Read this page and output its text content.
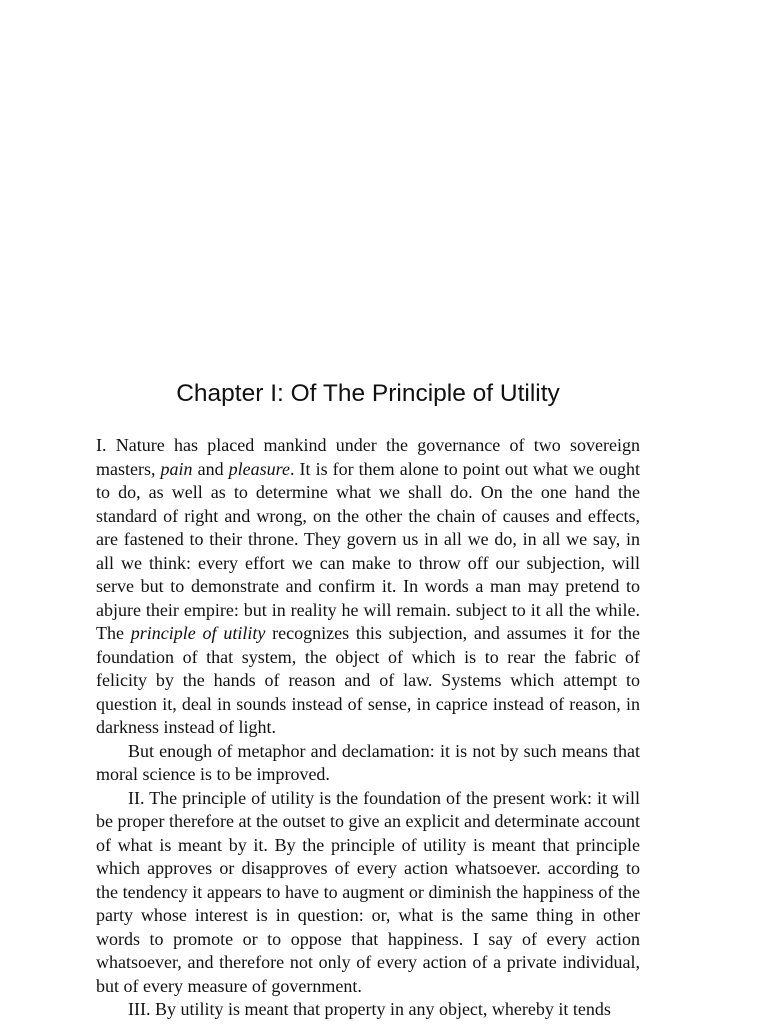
Chapter I: Of The Principle of Utility

I. Nature has placed mankind under the governance of two sovereign masters, pain and pleasure. It is for them alone to point out what we ought to do, as well as to determine what we shall do. On the one hand the standard of right and wrong, on the other the chain of causes and effects, are fastened to their throne. They govern us in all we do, in all we say, in all we think: every effort we can make to throw off our subjection, will serve but to demonstrate and confirm it. In words a man may pretend to abjure their empire: but in reality he will remain. subject to it all the while. The principle of utility recognizes this subjection, and assumes it for the foundation of that system, the object of which is to rear the fabric of felicity by the hands of reason and of law. Systems which attempt to question it, deal in sounds instead of sense, in caprice instead of reason, in darkness instead of light.

But enough of metaphor and declamation: it is not by such means that moral science is to be improved.

II. The principle of utility is the foundation of the present work: it will be proper therefore at the outset to give an explicit and determinate account of what is meant by it. By the principle of utility is meant that principle which approves or disapproves of every action whatsoever. according to the tendency it appears to have to augment or diminish the happiness of the party whose interest is in question: or, what is the same thing in other words to promote or to oppose that happiness. I say of every action whatsoever, and therefore not only of every action of a private individual, but of every measure of government.

III. By utility is meant that property in any object, whereby it tends
